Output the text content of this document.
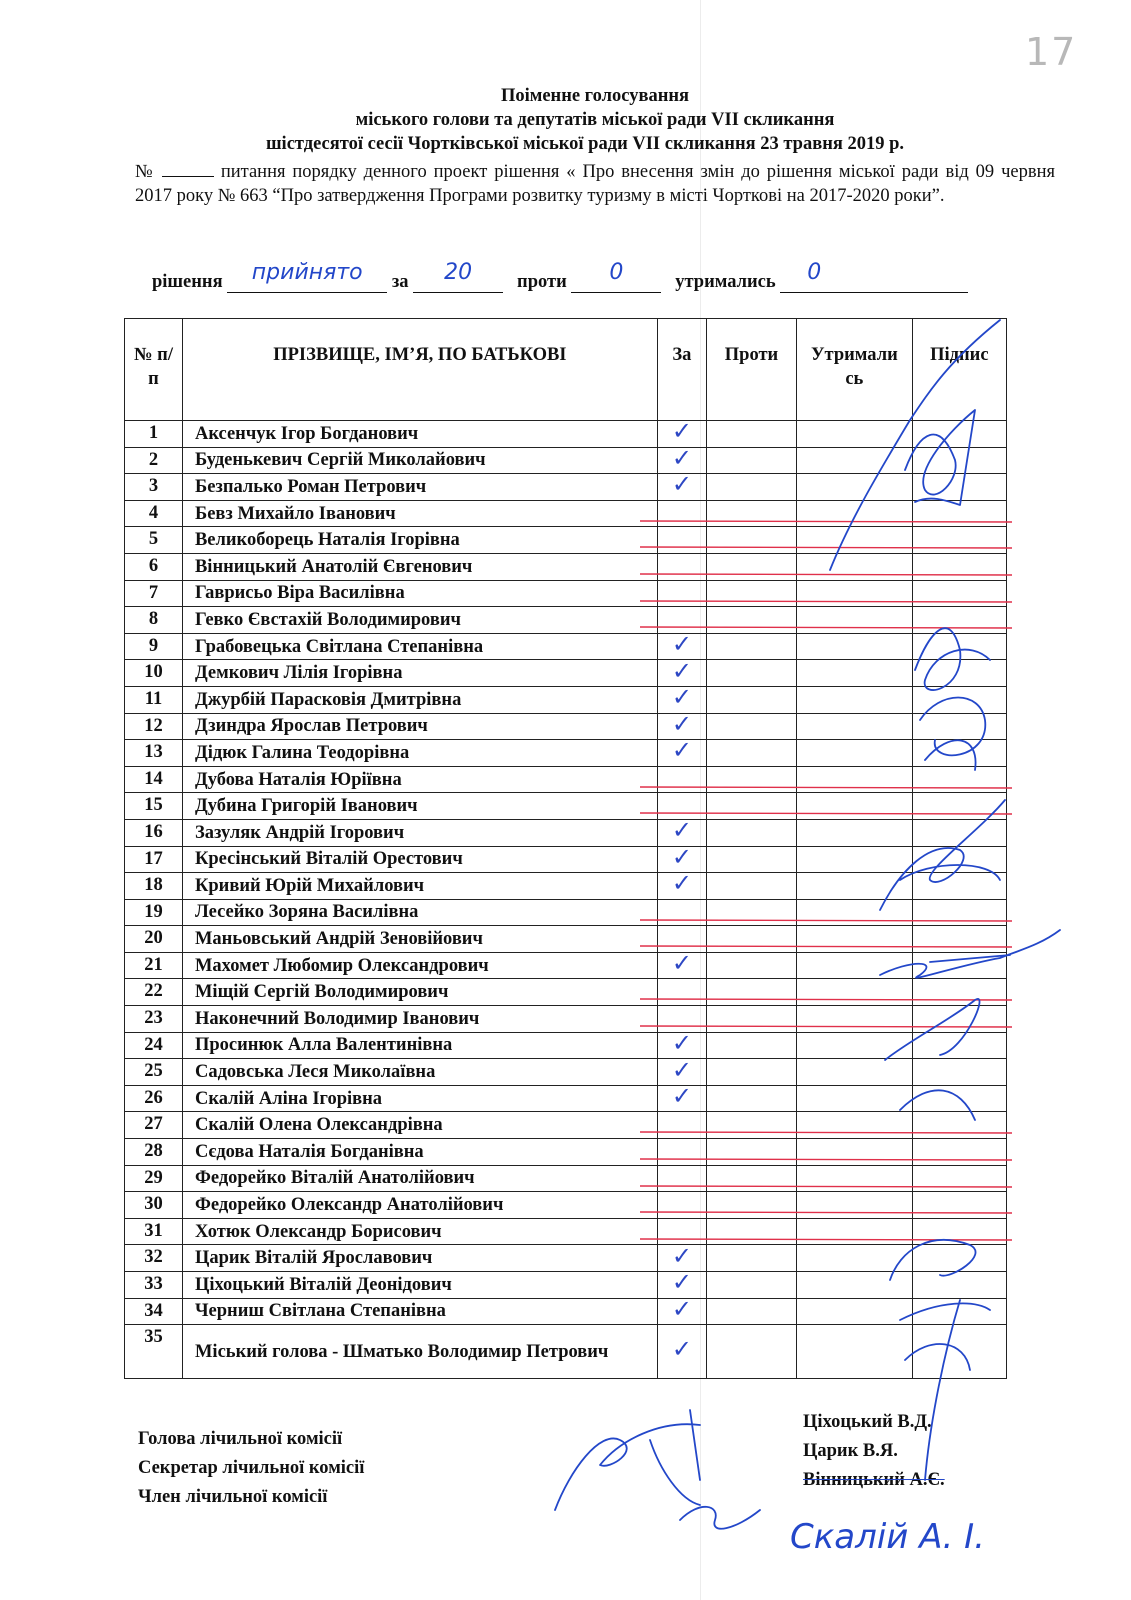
17

Поіменне голосування

міського голови та депутатів міської ради VII скликання

шістдесятої сесії Чортківської міської ради VII скликання 23 травня 2019 р.

№	питання порядку денного проект рішення « Про внесення змін до рішення міської ради від 09 червня 2017 року № 663 “Про затвердження Програми розвитку туризму в місті Чорткові на 2017-2020 роки”.
рішення	прийнято	за	20	проти	0	утримались	0
№ п/п	ПРІЗВИЩЕ, ІМ’Я, ПО БАТЬКОВІ	За	Проти	Утримались	Підпис
1	Аксенчук Ігор Богданович	✓			
2	Буденькевич Сергій Миколайович	✓			
3	Безпалько Роман Петрович	✓			
4	Бевз Михайло Іванович				
5	Великоборець Наталія Ігорівна				
6	Вінницький Анатолій Євгенович				
7	Гаврисьо Віра Василівна				
8	Гевко Євстахій Володимирович				
9	Грабовецька Світлана Степанівна	✓			
10	Демкович Лілія Ігорівна	✓			
11	Джурбій Парасковія Дмитрівна	✓			
12	Дзиндра Ярослав Петрович	✓			
13	Дідюк Галина Теодорівна	✓			
14	Дубова Наталія Юріївна				
15	Дубина Григорій Іванович				
16	Зазуляк Андрій Ігорович	✓			
17	Кресінський Віталій Орестович	✓			
18	Кривий Юрій Михайлович	✓			
19	Лесейко Зоряна Василівна				
20	Маньовський Андрій Зеновійович				
21	Махомет Любомир Олександрович	✓			
22	Міщій Сергій Володимирович				
23	Наконечний Володимир Іванович				
24	Просинюк Алла Валентинівна	✓			
25	Садовська Леся Миколаївна	✓			
26	Скалій Аліна Ігорівна	✓			
27	Скалій Олена Олександрівна				
28	Сєдова Наталія Богданівна				
29	Федорейко Віталій Анатолійович				
30	Федорейко Олександр Анатолійович				
31	Хотюк Олександр Борисович				
32	Царик Віталій Ярославович	✓			
33	Ціхоцький Віталій Деонідович	✓			
34	Черниш Світлана Степанівна	✓			
35	Міський голова - Шматько Володимир Петрович	✓			
Голова лічильної комісії
Секретар лічильної комісії
Член лічильної комісії
Ціхоцький В.Д.
Царик В.Я.
Вінницький А.Є.
Скалій А. І.
